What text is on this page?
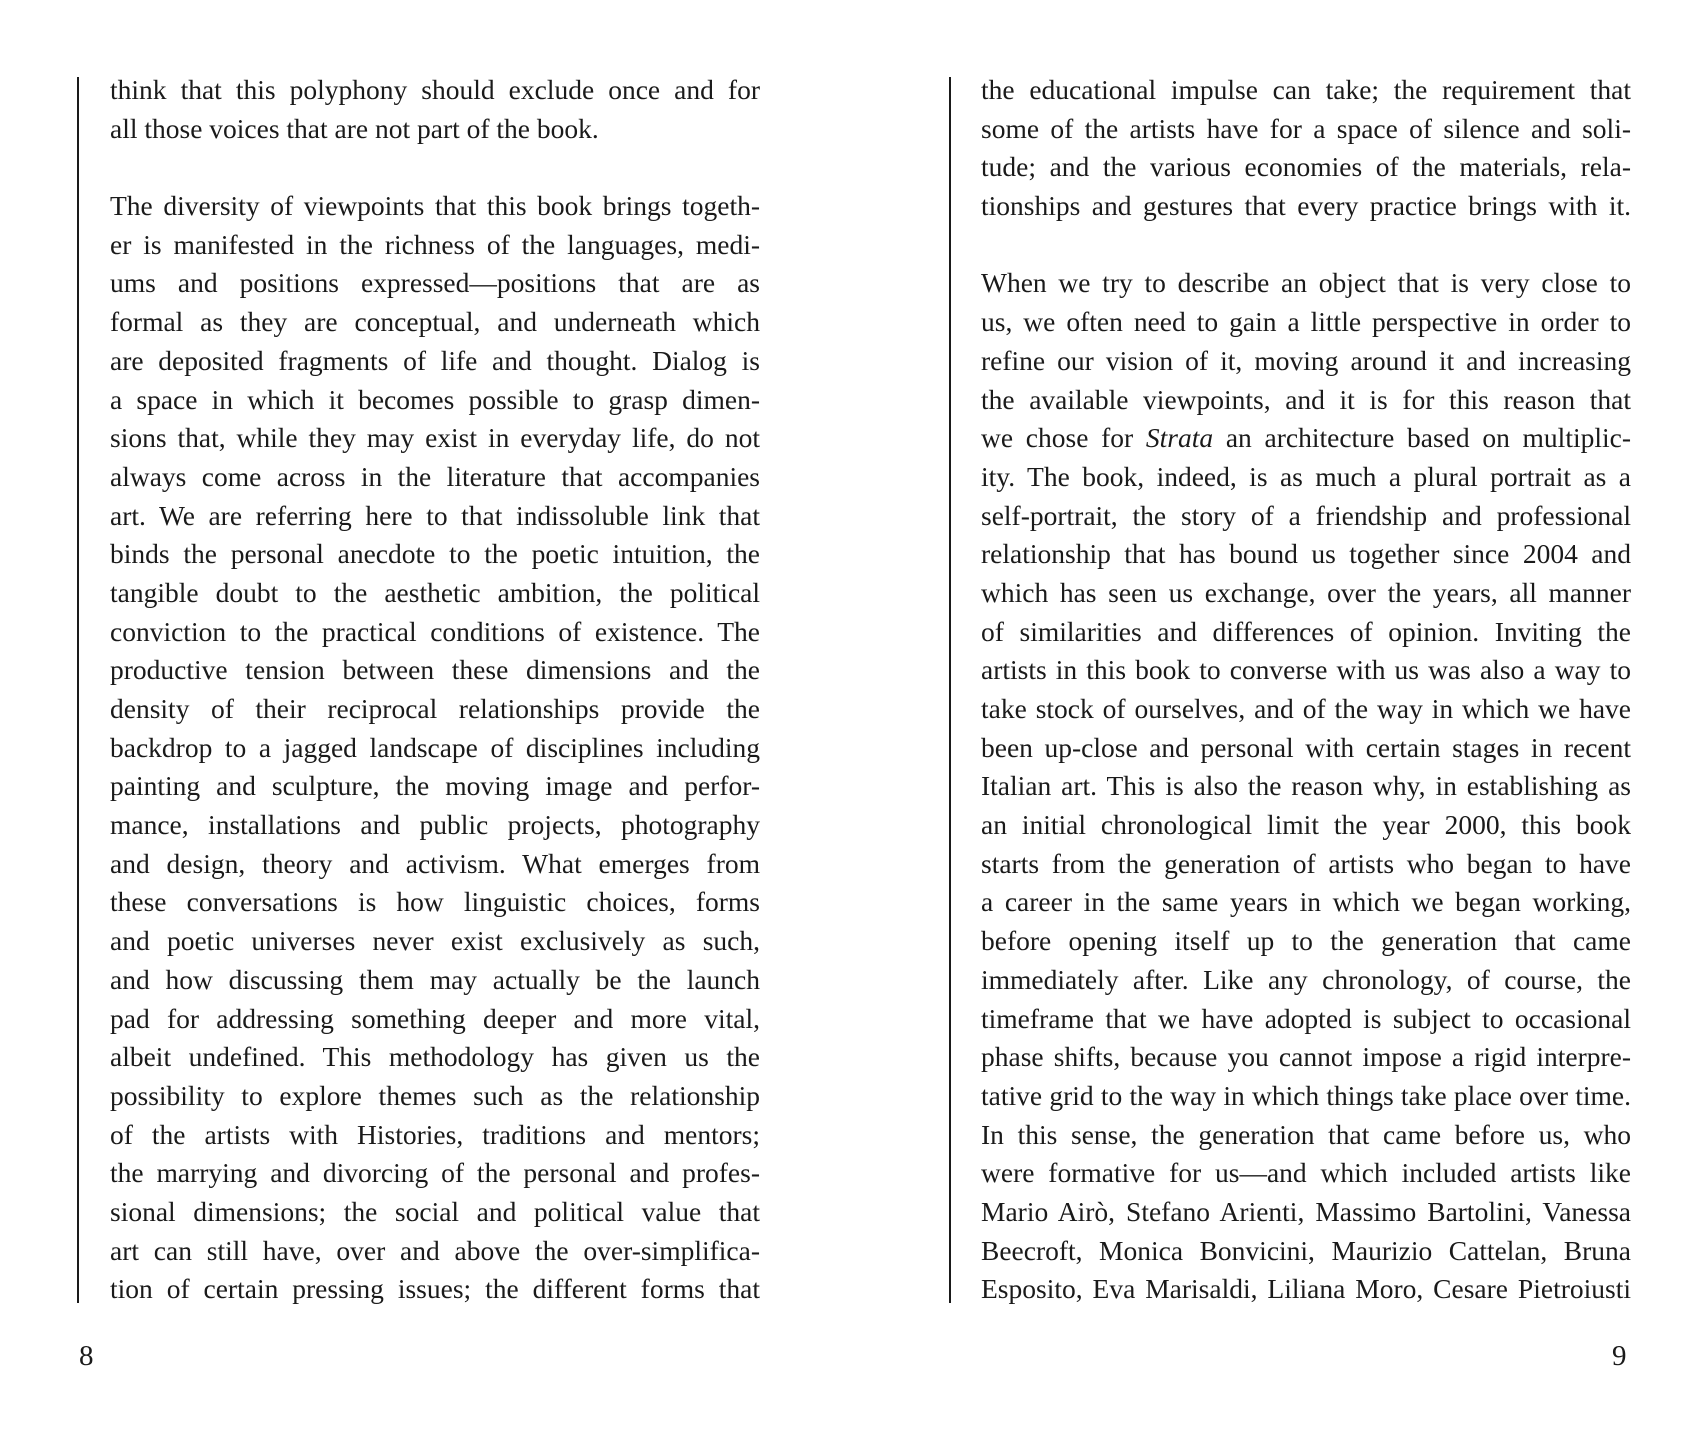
think that this polyphony should exclude once and for
all those voices that are not part of the book.

The diversity of viewpoints that this book brings togeth-
er is manifested in the richness of the languages, medi-
ums and positions expressed—positions that are as
formal as they are conceptual, and underneath which
are deposited fragments of life and thought. Dialog is
a space in which it becomes possible to grasp dimen-
sions that, while they may exist in everyday life, do not
always come across in the literature that accompanies
art. We are referring here to that indissoluble link that
binds the personal anecdote to the poetic intuition, the
tangible doubt to the aesthetic ambition, the political
conviction to the practical conditions of existence. The
productive tension between these dimensions and the
density of their reciprocal relationships provide the
backdrop to a jagged landscape of disciplines including
painting and sculpture, the moving image and perfor-
mance, installations and public projects, photography
and design, theory and activism. What emerges from
these conversations is how linguistic choices, forms
and poetic universes never exist exclusively as such,
and how discussing them may actually be the launch
pad for addressing something deeper and more vital,
albeit undefined. This methodology has given us the
possibility to explore themes such as the relationship
of the artists with Histories, traditions and mentors;
the marrying and divorcing of the personal and profes-
sional dimensions; the social and political value that
art can still have, over and above the over-simplifica-
tion of certain pressing issues; the different forms that
8
the educational impulse can take; the requirement that
some of the artists have for a space of silence and soli-
tude; and the various economies of the materials, rela-
tionships and gestures that every practice brings with it.

When we try to describe an object that is very close to
us, we often need to gain a little perspective in order to
refine our vision of it, moving around it and increasing
the available viewpoints, and it is for this reason that
we chose for Strata an architecture based on multiplic-
ity. The book, indeed, is as much a plural portrait as a
self-portrait, the story of a friendship and professional
relationship that has bound us together since 2004 and
which has seen us exchange, over the years, all manner
of similarities and differences of opinion. Inviting the
artists in this book to converse with us was also a way to
take stock of ourselves, and of the way in which we have
been up-close and personal with certain stages in recent
Italian art. This is also the reason why, in establishing as
an initial chronological limit the year 2000, this book
starts from the generation of artists who began to have
a career in the same years in which we began working,
before opening itself up to the generation that came
immediately after. Like any chronology, of course, the
timeframe that we have adopted is subject to occasional
phase shifts, because you cannot impose a rigid interpre-
tative grid to the way in which things take place over time.
In this sense, the generation that came before us, who
were formative for us—and which included artists like
Mario Airò, Stefano Arienti, Massimo Bartolini, Vanessa
Beecroft, Monica Bonvicini, Maurizio Cattelan, Bruna
Esposito, Eva Marisaldi, Liliana Moro, Cesare Pietroiusti
9
